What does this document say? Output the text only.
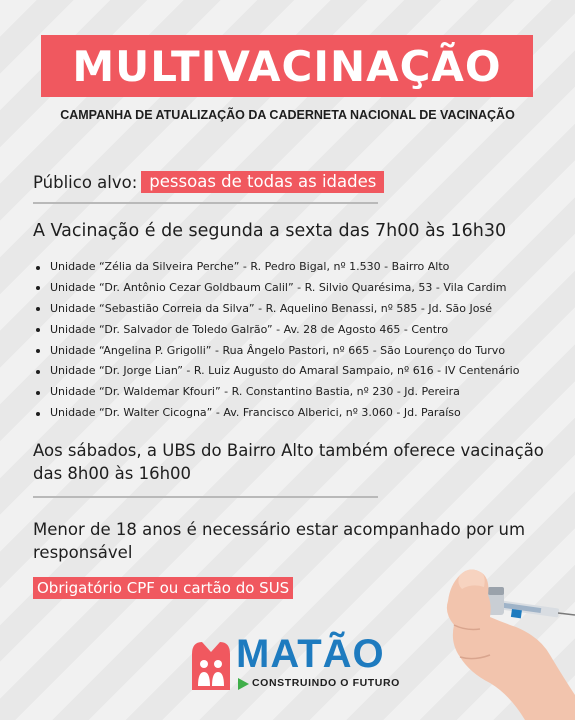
MULTIVACINAÇÃO
CAMPANHA DE ATUALIZAÇÃO DA CADERNETA NACIONAL DE VACINAÇÃO
Público alvo: pessoas de todas as idades
A Vacinação é de segunda a sexta das 7h00 às 16h30
Unidade “Zélia da Silveira Perche” - R. Pedro Bigal, nº 1.530 - Bairro Alto
Unidade “Dr. Antônio Cezar Goldbaum Calil” - R. Silvio Quarésima, 53 - Vila Cardim
Unidade “Sebastião Correia da Silva” - R. Aquelino Benassi, nº 585 - Jd. São José
Unidade “Dr. Salvador de Toledo Galrão” - Av. 28 de Agosto 465 - Centro
Unidade “Angelina P. Grigolli” - Rua Ângelo Pastori, nº 665 - São Lourenço do Turvo
Unidade “Dr. Jorge Lian” - R. Luiz Augusto do Amaral Sampaio, nº 616 - IV Centenário
Unidade “Dr. Waldemar Kfouri” - R. Constantino Bastia, nº 230 - Jd. Pereira
Unidade “Dr. Walter Cicogna” - Av. Francisco Alberici, nº 3.060 - Jd. Paraíso
Aos sábados, a UBS do Bairro Alto também oferece vacinação das 8h00 às 16h00
Menor de 18 anos é necessário estar acompanhado por um responsável
Obrigatório CPF ou cartão do SUS
MATÃO
CONSTRUINDO O FUTURO
